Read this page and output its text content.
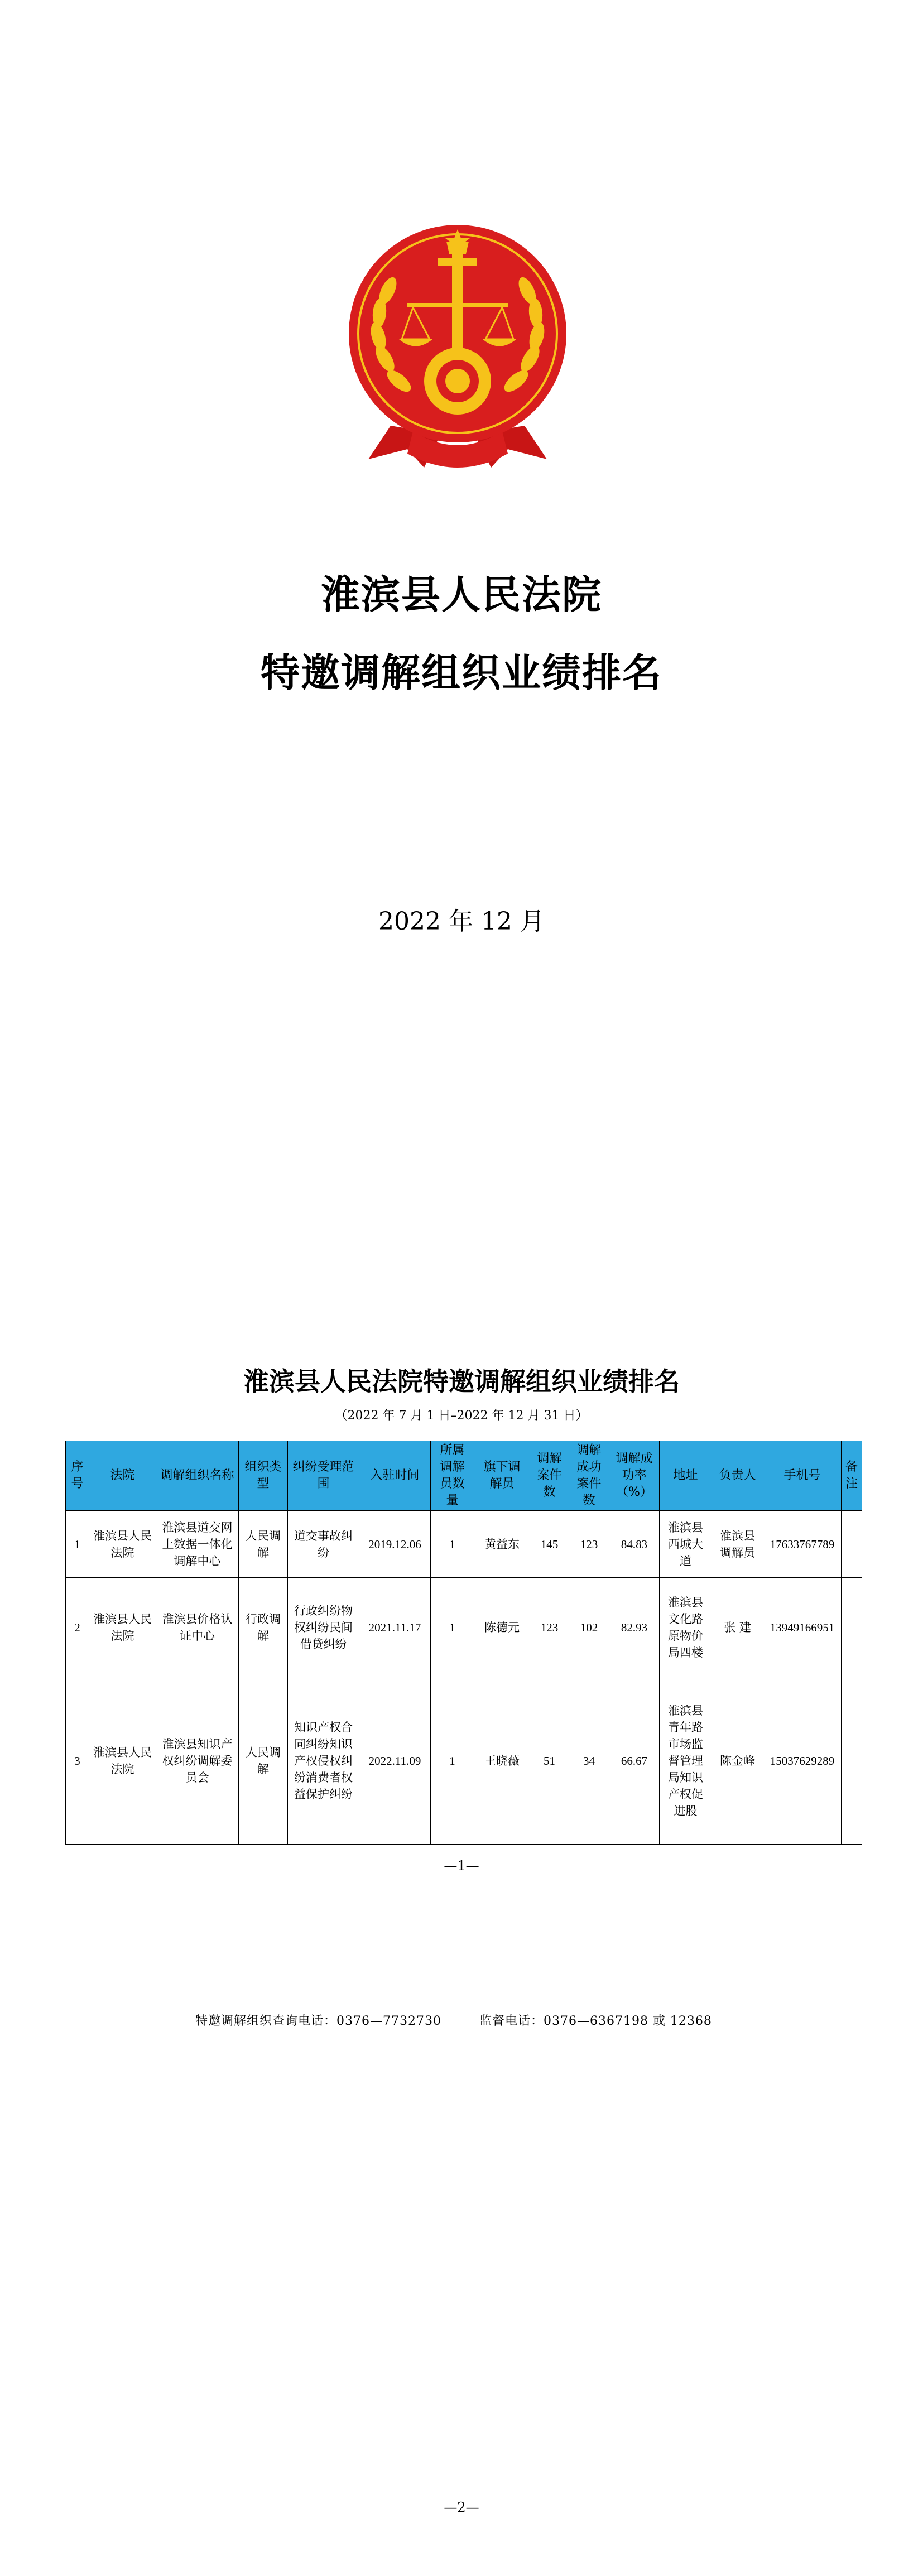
淮滨县人民法院
特邀调解组织业绩排名
2022 年 12 月
淮滨县人民法院特邀调解组织业绩排名
（2022 年 7 月 1 日–2022 年 12 月 31 日）
序号	法院	调解组织名称	组织类型	纠纷受理范围	入驻时间	所属调解员数量	旗下调解员	调解案件数	调解成功案件数	调解成功率（%）	地址	负责人	手机号	备注
1	淮滨县人民法院	淮滨县道交网上数据一体化调解中心	人民调解	道交事故纠纷	2019.12.06	1	黄益东	145	123	84.83	淮滨县西城大道	淮滨县调解员	17633767789	
2	淮滨县人民法院	淮滨县价格认证中心	行政调解	行政纠纷物权纠纷民间借贷纠纷	2021.11.17	1	陈德元	123	102	82.93	淮滨县文化路原物价局四楼	张 建	13949166951	
3	淮滨县人民法院	淮滨县知识产权纠纷调解委员会	人民调解	知识产权合同纠纷知识产权侵权纠纷消费者权益保护纠纷	2022.11.09	1	王晓薇	51	34	66.67	淮滨县青年路市场监督管理局知识产权促进股	陈金峰	15037629289	
—1—
特邀调解组织查询电话：0376—7732730	监督电话：0376—6367198 或 12368
—2—
